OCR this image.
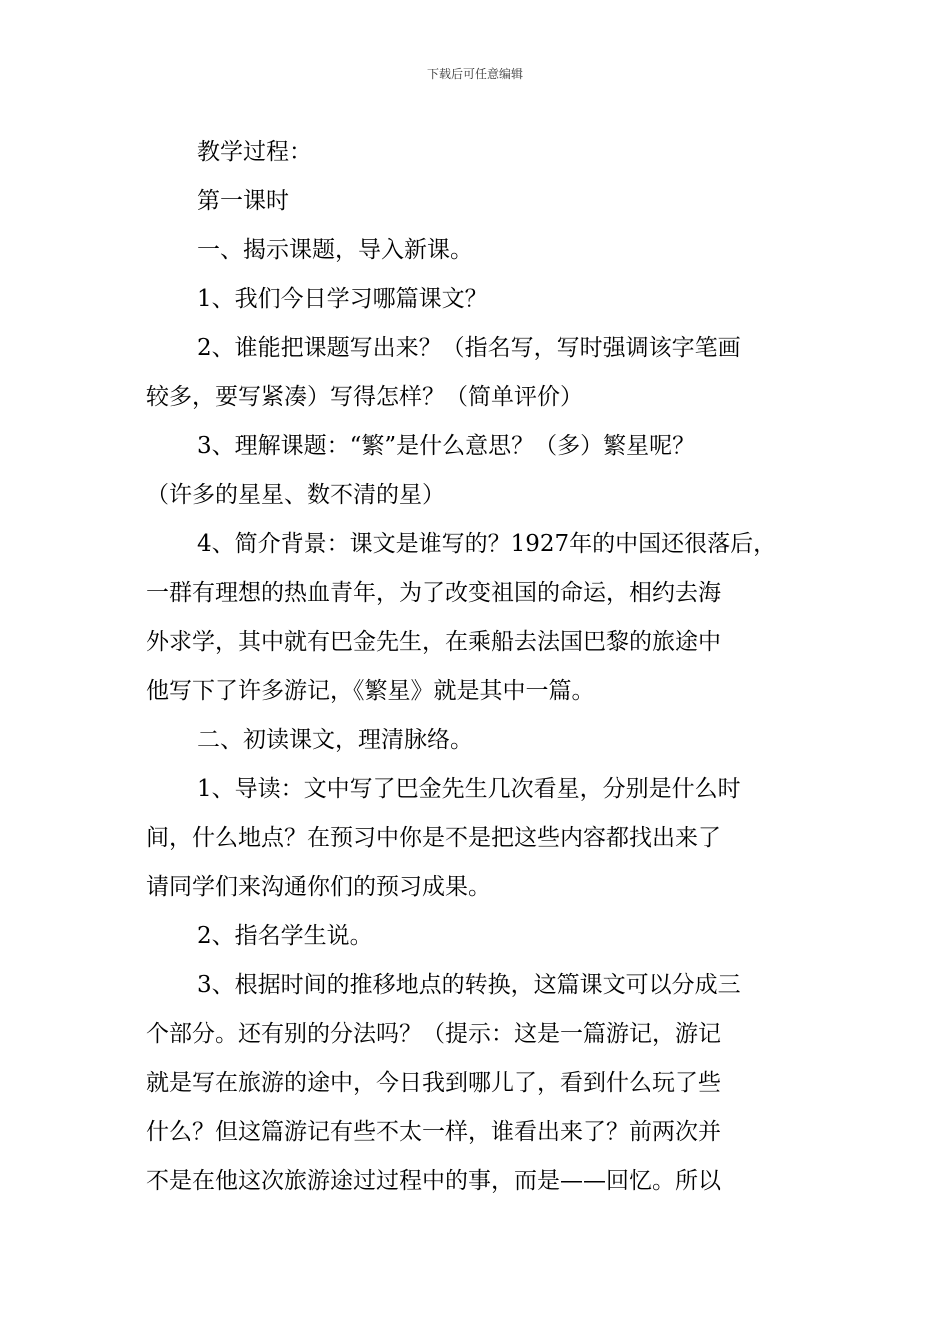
下载后可任意编辑

教学过程：

第一课时

一、揭示课题，导入新课。

1、我们今日学习哪篇课文？

2、谁能把课题写出来？（指名写，写时强调该字笔画

较多，要写紧凑）写得怎样？（简单评价）

3、理解课题：“繁”是什么意思？（多）繁星呢？

（许多的星星、数不清的星）

4、简介背景：课文是谁写的？1927年的中国还很落后，

一群有理想的热血青年，为了改变祖国的命运，相约去海

外求学，其中就有巴金先生，在乘船去法国巴黎的旅途中

他写下了许多游记，《繁星》就是其中一篇。

二、初读课文，理清脉络。

1、导读：文中写了巴金先生几次看星，分别是什么时

间，什么地点？在预习中你是不是把这些内容都找出来了

请同学们来沟通你们的预习成果。

2、指名学生说。

3、根据时间的推移地点的转换，这篇课文可以分成三

个部分。还有别的分法吗？（提示：这是一篇游记，游记

就是写在旅游的途中，今日我到哪儿了，看到什么玩了些

什么？但这篇游记有些不太一样，谁看出来了？前两次并

不是在他这次旅游途过过程中的事，而是——回忆。所以
